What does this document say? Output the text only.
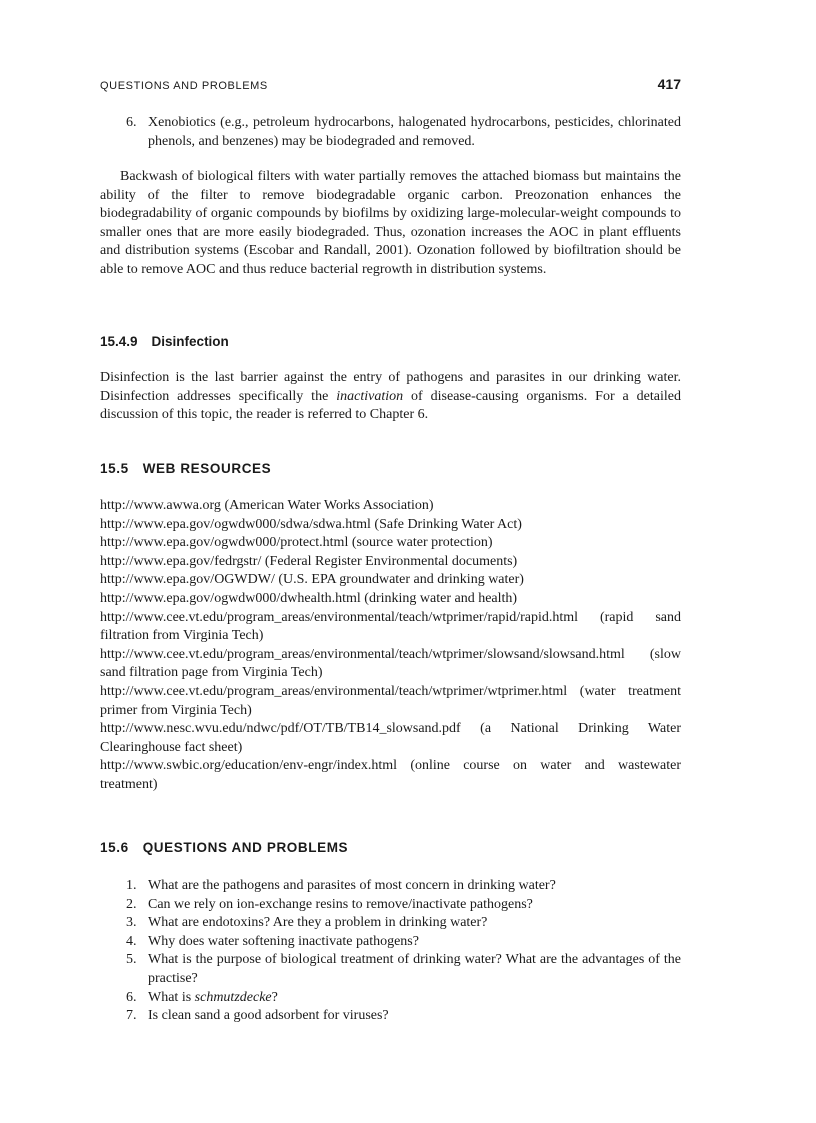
QUESTIONS AND PROBLEMS	417
6. Xenobiotics (e.g., petroleum hydrocarbons, halogenated hydrocarbons, pesticides, chlorinated phenols, and benzenes) may be biodegraded and removed.

Backwash of biological filters with water partially removes the attached biomass but maintains the ability of the filter to remove biodegradable organic carbon. Preozonation enhances the biodegradability of organic compounds by biofilms by oxidizing large-molecular-weight compounds to smaller ones that are more easily biodegraded. Thus, ozonation increases the AOC in plant effluents and distribution systems (Escobar and Randall, 2001). Ozonation followed by biofiltration should be able to remove AOC and thus reduce bacterial regrowth in distribution systems.

15.4.9 Disinfection

Disinfection is the last barrier against the entry of pathogens and parasites in our drinking water. Disinfection addresses specifically the inactivation of disease-causing organisms. For a detailed discussion of this topic, the reader is referred to Chapter 6.

15.5 WEB RESOURCES

http://www.awwa.org (American Water Works Association)

http://www.epa.gov/ogwdw000/sdwa/sdwa.html (Safe Drinking Water Act)

http://www.epa.gov/ogwdw000/protect.html (source water protection)

http://www.epa.gov/fedrgstr/ (Federal Register Environmental documents)

http://www.epa.gov/OGWDW/ (U.S. EPA groundwater and drinking water)

http://www.epa.gov/ogwdw000/dwhealth.html (drinking water and health)

http://www.cee.vt.edu/program_areas/environmental/teach/wtprimer/rapid/rapid.html (rapid sand filtration from Virginia Tech)

http://www.cee.vt.edu/program_areas/environmental/teach/wtprimer/slowsand/slowsand.html (slow sand filtration page from Virginia Tech)

http://www.cee.vt.edu/program_areas/environmental/teach/wtprimer/wtprimer.html (water treatment primer from Virginia Tech)

http://www.nesc.wvu.edu/ndwc/pdf/OT/TB/TB14_slowsand.pdf (a National Drinking Water Clearinghouse fact sheet)

http://www.swbic.org/education/env-engr/index.html (online course on water and wastewater treatment)

15.6 QUESTIONS AND PROBLEMS
1. What are the pathogens and parasites of most concern in drinking water?
2. Can we rely on ion-exchange resins to remove/inactivate pathogens?
3. What are endotoxins? Are they a problem in drinking water?
4. Why does water softening inactivate pathogens?
5. What is the purpose of biological treatment of drinking water? What are the advantages of the practise?
6. What is schmutzdecke?
7. Is clean sand a good adsorbent for viruses?
